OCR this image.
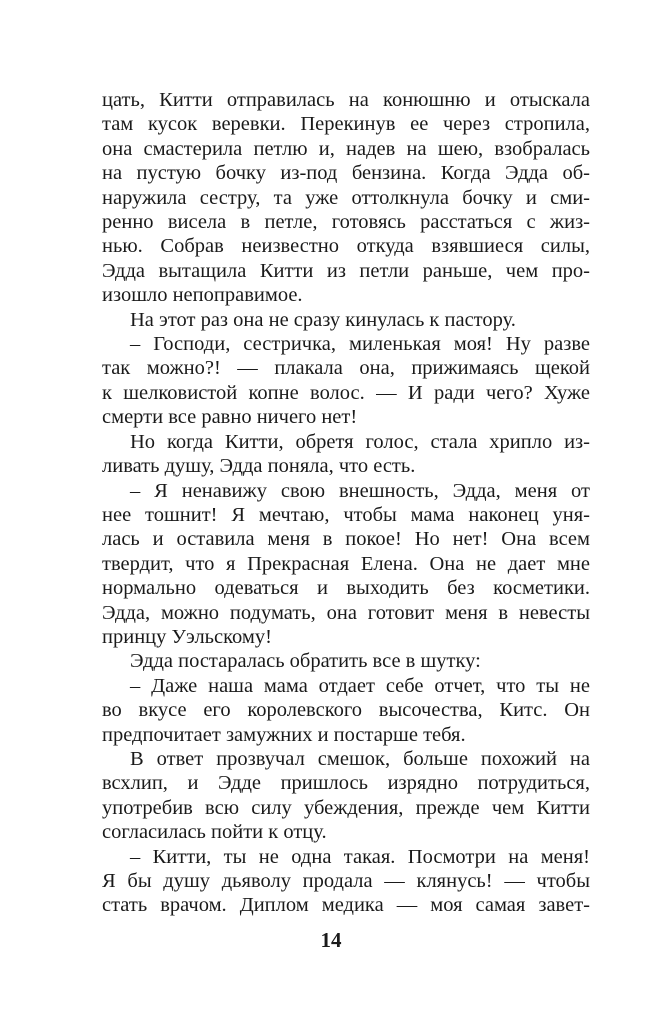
цать, Китти отправилась на конюшню и отыскала
там кусок веревки. Перекинув ее через стропила,
она смастерила петлю и, надев на шею, взобралась
на пустую бочку из-под бензина. Когда Эдда об-
наружила сестру, та уже оттолкнула бочку и сми-
ренно висела в петле, готовясь расстаться с жиз-
нью. Собрав неизвестно откуда взявшиеся силы,
Эдда вытащила Китти из петли раньше, чем про-
изошло непоправимое.
На этот раз она не сразу кинулась к пастору.
– Господи, сестричка, миленькая моя! Ну разве
так можно?! — плакала она, прижимаясь щекой
к шелковистой копне волос. — И ради чего? Хуже
смерти все равно ничего нет!
Но когда Китти, обретя голос, стала хрипло из-
ливать душу, Эдда поняла, что есть.
– Я ненавижу свою внешность, Эдда, меня от
нее тошнит! Я мечтаю, чтобы мама наконец уня-
лась и оставила меня в покое! Но нет! Она всем
твердит, что я Прекрасная Елена. Она не дает мне
нормально одеваться и выходить без косметики.
Эдда, можно подумать, она готовит меня в невесты
принцу Уэльскому!
Эдда постаралась обратить все в шутку:
– Даже наша мама отдает себе отчет, что ты не
во вкусе его королевского высочества, Китс. Он
предпочитает замужних и постарше тебя.
В ответ прозвучал смешок, больше похожий на
всхлип, и Эдде пришлось изрядно потрудиться,
употребив всю силу убеждения, прежде чем Китти
согласилась пойти к отцу.
– Китти, ты не одна такая. Посмотри на меня!
Я бы душу дьяволу продала — клянусь! — чтобы
стать врачом. Диплом медика — моя самая завет-
14
